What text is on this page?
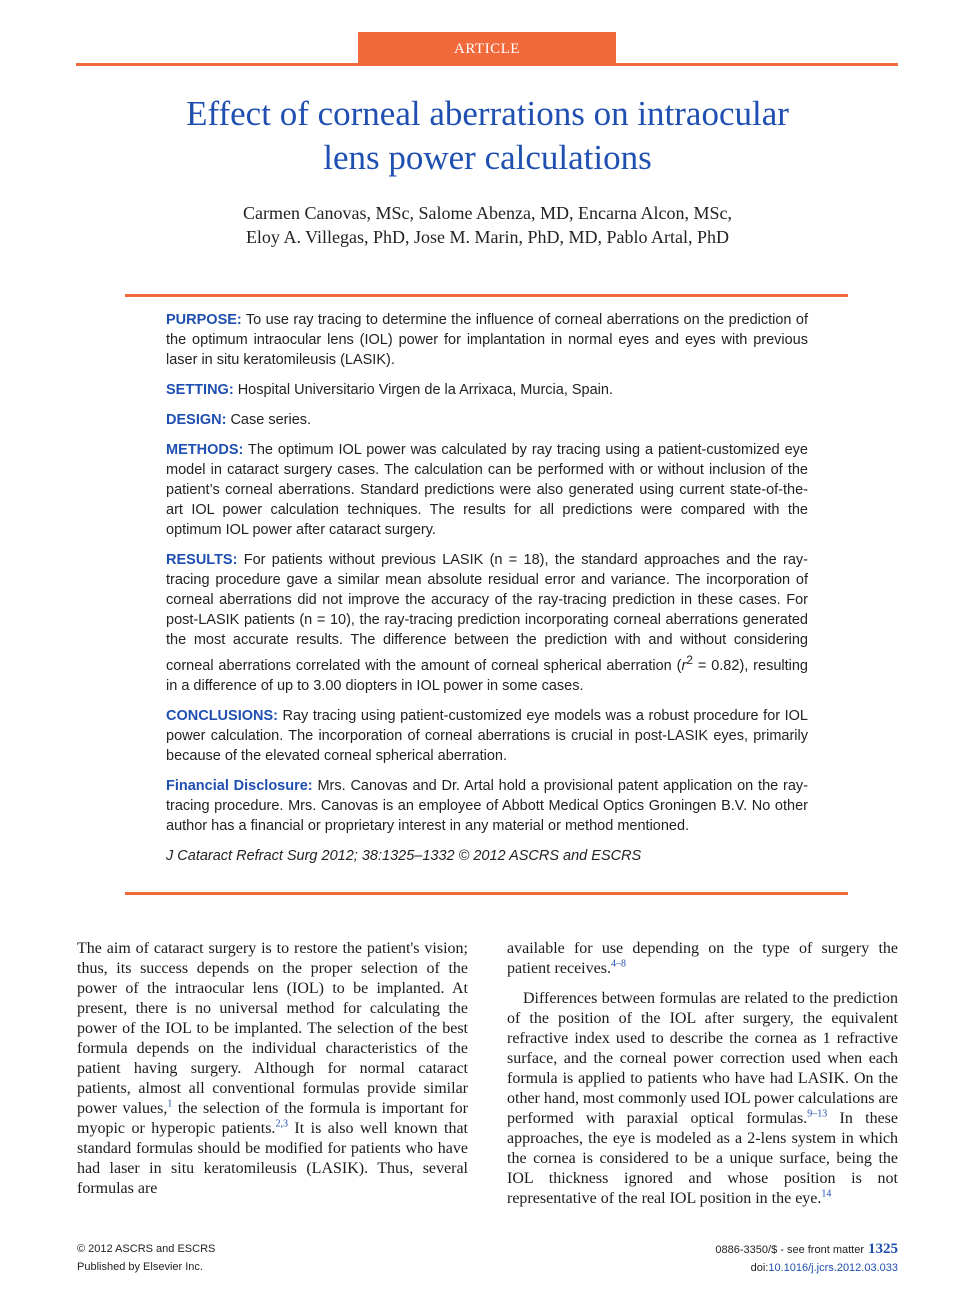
ARTICLE
Effect of corneal aberrations on intraocular
lens power calculations
Carmen Canovas, MSc, Salome Abenza, MD, Encarna Alcon, MSc,
Eloy A. Villegas, PhD, Jose M. Marin, PhD, MD, Pablo Artal, PhD

PURPOSE: To use ray tracing to determine the influence of corneal aberrations on the prediction of the optimum intraocular lens (IOL) power for implantation in normal eyes and eyes with previous laser in situ keratomileusis (LASIK).

SETTING: Hospital Universitario Virgen de la Arrixaca, Murcia, Spain.

DESIGN: Case series.

METHODS: The optimum IOL power was calculated by ray tracing using a patient-customized eye model in cataract surgery cases. The calculation can be performed with or without inclusion of the patient’s corneal aberrations. Standard predictions were also generated using current state-of-the-art IOL power calculation techniques. The results for all predictions were compared with the optimum IOL power after cataract surgery.

RESULTS: For patients without previous LASIK (n = 18), the standard approaches and the ray-tracing procedure gave a similar mean absolute residual error and variance. The incorporation of corneal aberrations did not improve the accuracy of the ray-tracing prediction in these cases. For post-LASIK patients (n = 10), the ray-tracing prediction incorporating corneal aberrations generated the most accurate results. The difference between the prediction with and without considering corneal aberrations correlated with the amount of corneal spherical aberration $(r^2 = 0.82)$, resulting in a difference of up to 3.00 diopters in IOL power in some cases.

CONCLUSIONS: Ray tracing using patient-customized eye models was a robust procedure for IOL power calculation. The incorporation of corneal aberrations is crucial in post-LASIK eyes, primarily because of the elevated corneal spherical aberration.

Financial Disclosure: Mrs. Canovas and Dr. Artal hold a provisional patent application on the ray-tracing procedure. Mrs. Canovas is an employee of Abbott Medical Optics Groningen B.V. No other author has a financial or proprietary interest in any material or method mentioned.

J Cataract Refract Surg 2012; 38:1325–1332 © 2012 ASCRS and ESCRS

The aim of cataract surgery is to restore the patient's vision; thus, its success depends on the proper selection of the power of the intraocular lens (IOL) to be implanted. At present, there is no universal method for calculating the power of the IOL to be implanted. The selection of the best formula depends on the individual characteristics of the patient having surgery. Although for normal cataract patients, almost all conventional formulas provide similar power values,$^1$ the selection of the formula is important for myopic or hyperopic patients.$^{2,3}$ It is also well known that standard formulas should be modified for patients who have had laser in situ keratomileusis (LASIK). Thus, several formulas are

available for use depending on the type of surgery the patient receives.$^{4-8}$

Differences between formulas are related to the prediction of the position of the IOL after surgery, the equivalent refractive index used to describe the cornea as 1 refractive surface, and the corneal power correction used when each formula is applied to patients who have had LASIK. On the other hand, most commonly used IOL power calculations are performed with paraxial optical formulas.$^{9-13}$ In these approaches, the eye is modeled as a 2-lens system in which the cornea is considered to be a unique surface, being the IOL thickness ignored and whose position is not representative of the real IOL position in the eye.$^{14}$

© 2012 ASCRS and ESCRS
Published by Elsevier Inc.
0886-3350/$ - see front matter 1325
doi:10.1016/j.jcrs.2012.03.033
